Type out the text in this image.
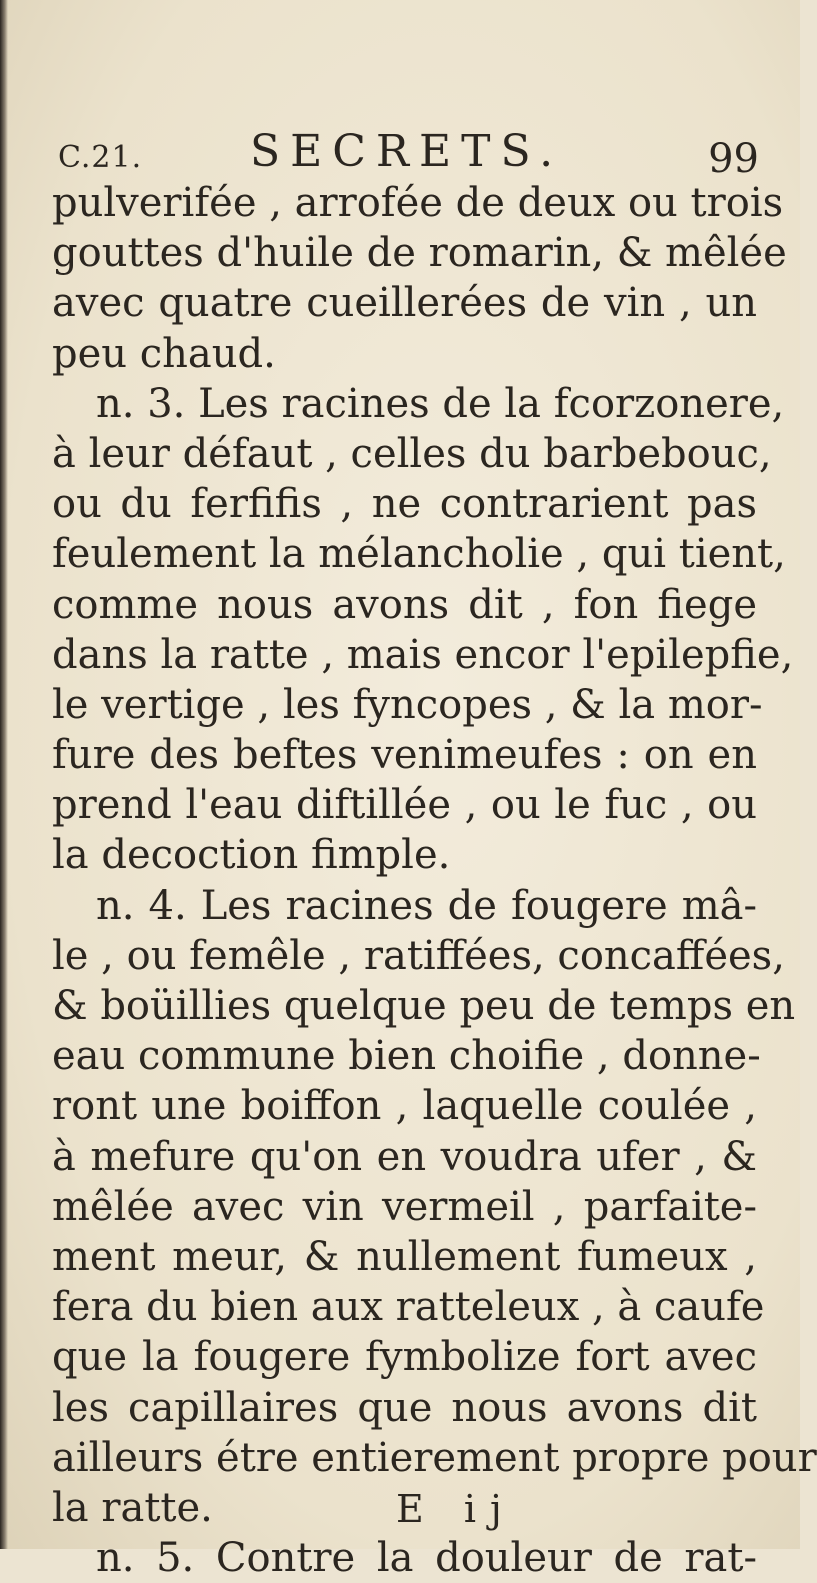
C.21. SECRETS.	99
pulverifée , arrofée de deux ou trois
gouttes d'huile de romarin, & mêlée
avec quatre cueillerées de vin , un
peu chaud.
n. 3. Les racines de la fcorzonere,
à leur défaut , celles du barbebouc,
ou du ferfifis , ne contrarient pas
feulement la mélancholie , qui tient,
comme nous avons dit , fon fiege
dans la ratte , mais encor l'epilepfie,
le vertige , les fyncopes , & la mor-
fure des beftes venimeufes : on en
prend l'eau diftillée , ou le fuc , ou
la decoction fimple.
n. 4. Les racines de fougere mâ-
le , ou femêle , ratiffées, concaffées,
& boüillies quelque peu de temps en
eau commune bien choifie , donne-
ront une boiffon , laquelle coulée ,
à mefure qu'on en voudra ufer , &
mêlée avec vin vermeil , parfaite-
ment meur, & nullement fumeux ,
fera du bien aux ratteleux , à caufe
que la fougere fymbolize fort avec
les capillaires que nous avons dit
ailleurs étre entierement propre pour
la ratte.
n. 5. Contre la douleur de rat-
E ij
